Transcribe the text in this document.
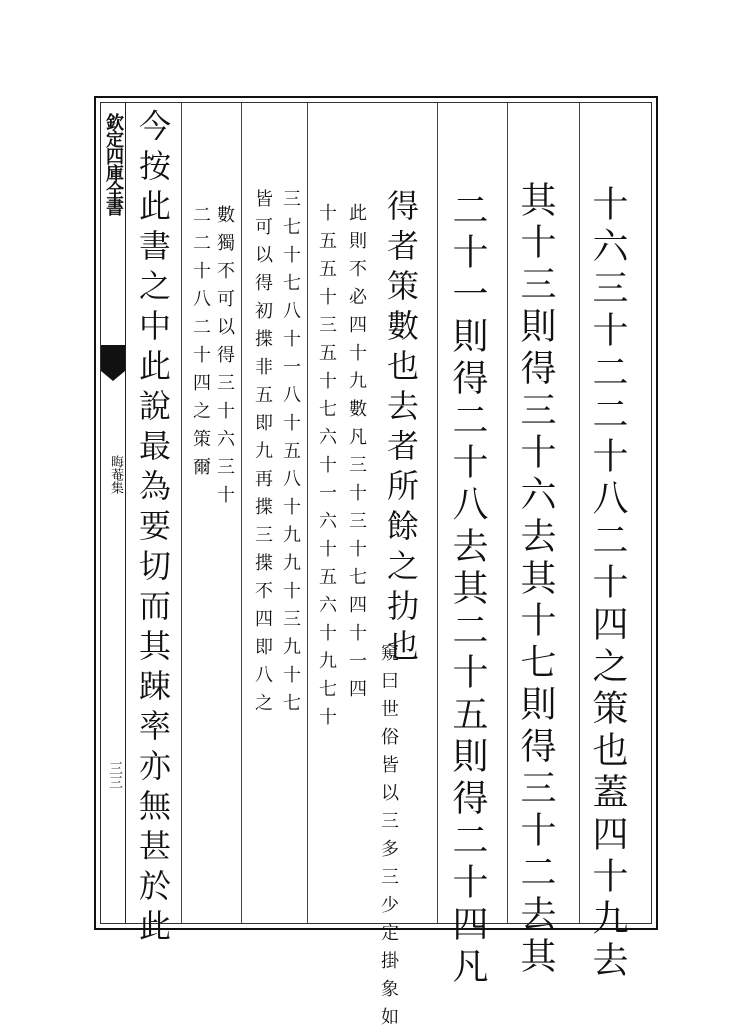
欽定四庫全書
晦菴集
三三 今按此書之中此說最為要切而其踈率亦無甚於此 二二十八二十四之策爾 數獨不可以得三十六三十 皆可以得初揲非五即九再揲三揲不四即八之 三七十七八十一八十五八十九九十三九十七 十五五十三五十七六十一六十五六十九七十 此則不必四十九數凡三十三十七四十一四
窺曰世俗皆以三多三少定掛象如
得者策數也去者所餘之扐也 二十一則得二十八去其二十五則得二十四凡 其十三則得三十六去其十七則得三十二去其 十六三十二二十八二十四之策也蓋四十九去
